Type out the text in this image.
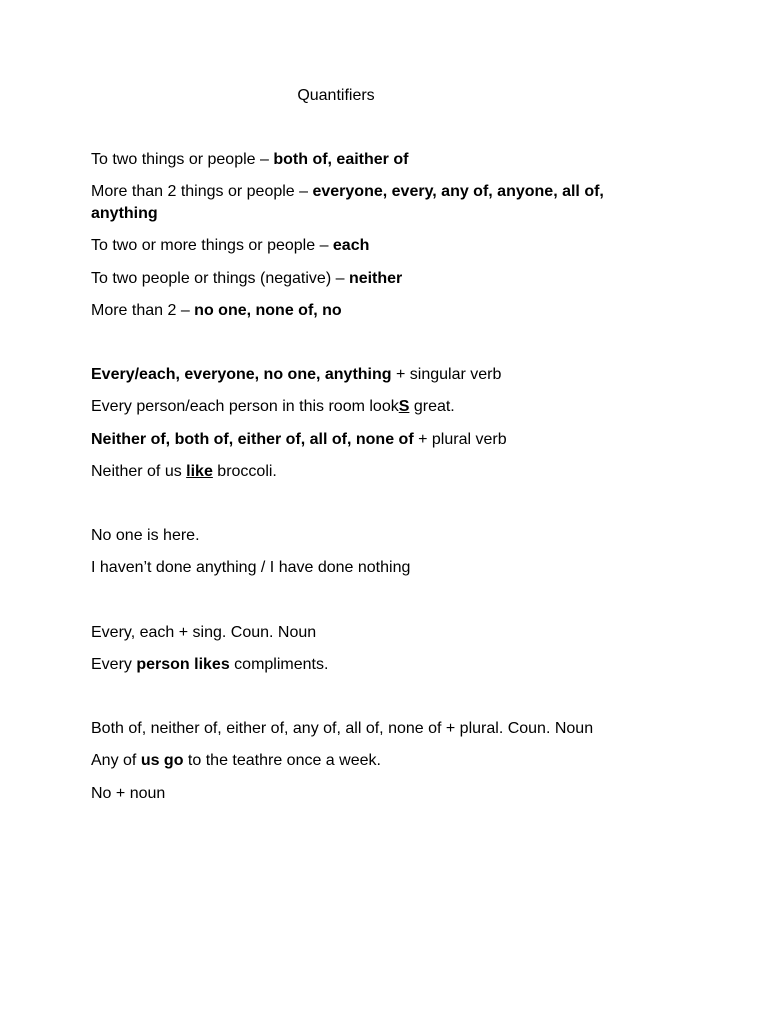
Quantifiers
To two things or people – both of, eaither of
More than 2 things or people – everyone, every, any of, anyone, all of, anything
To two or more things or people – each
To two people or things (negative) – neither
More than 2 – no one, none of, no
Every/each, everyone, no one, anything + singular verb
Every person/each person in this room lookS great.
Neither of, both of, either of, all of, none of + plural verb
Neither of us like broccoli.
No one is here.
I haven’t done anything / I have done nothing
Every, each + sing. Coun. Noun
Every person likes compliments.
Both of, neither of, either of, any of, all of, none of + plural. Coun. Noun
Any of us go to the teathre once a week.
No + noun
